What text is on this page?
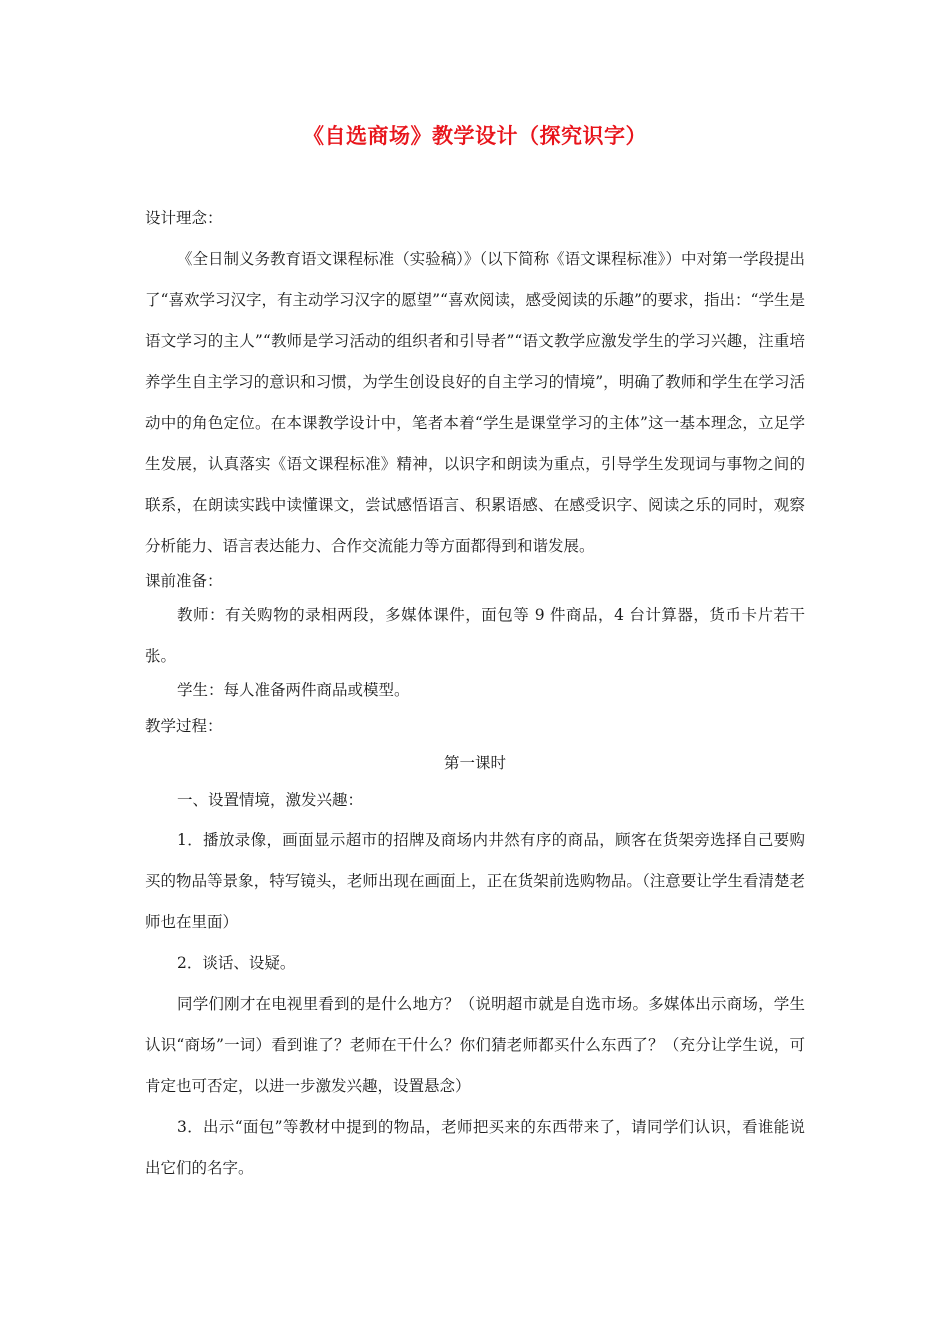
《自选商场》教学设计（探究识字）

设计理念：

《全日制义务教育语文课程标准（实验稿）》（以下简称《语文课程标准》）中对第一学段提出了“喜欢学习汉字，有主动学习汉字的愿望”“喜欢阅读，感受阅读的乐趣”的要求，指出：“学生是语文学习的主人”“教师是学习活动的组织者和引导者”“语文教学应激发学生的学习兴趣，注重培养学生自主学习的意识和习惯，为学生创设良好的自主学习的情境”，明确了教师和学生在学习活动中的角色定位。在本课教学设计中，笔者本着“学生是课堂学习的主体”这一基本理念，立足学生发展，认真落实《语文课程标准》精神，以识字和朗读为重点，引导学生发现词与事物之间的联系，在朗读实践中读懂课文，尝试感悟语言、积累语感、在感受识字、阅读之乐的同时，观察分析能力、语言表达能力、合作交流能力等方面都得到和谐发展。

课前准备：

教师：有关购物的录相两段，多媒体课件，面包等 9 件商品，4 台计算器，货币卡片若干张。

学生：每人准备两件商品或模型。

教学过程：

第一课时

一、设置情境，激发兴趣：

1．播放录像，画面显示超市的招牌及商场内井然有序的商品，顾客在货架旁选择自己要购买的物品等景象，特写镜头，老师出现在画面上，正在货架前选购物品。（注意要让学生看清楚老师也在里面）

2．谈话、设疑。

同学们刚才在电视里看到的是什么地方？（说明超市就是自选市场。多媒体出示商场，学生认识“商场”一词）看到谁了？老师在干什么？你们猜老师都买什么东西了？（充分让学生说，可肯定也可否定，以进一步激发兴趣，设置悬念）

3．出示“面包”等教材中提到的物品，老师把买来的东西带来了，请同学们认识，看谁能说出它们的名字。
